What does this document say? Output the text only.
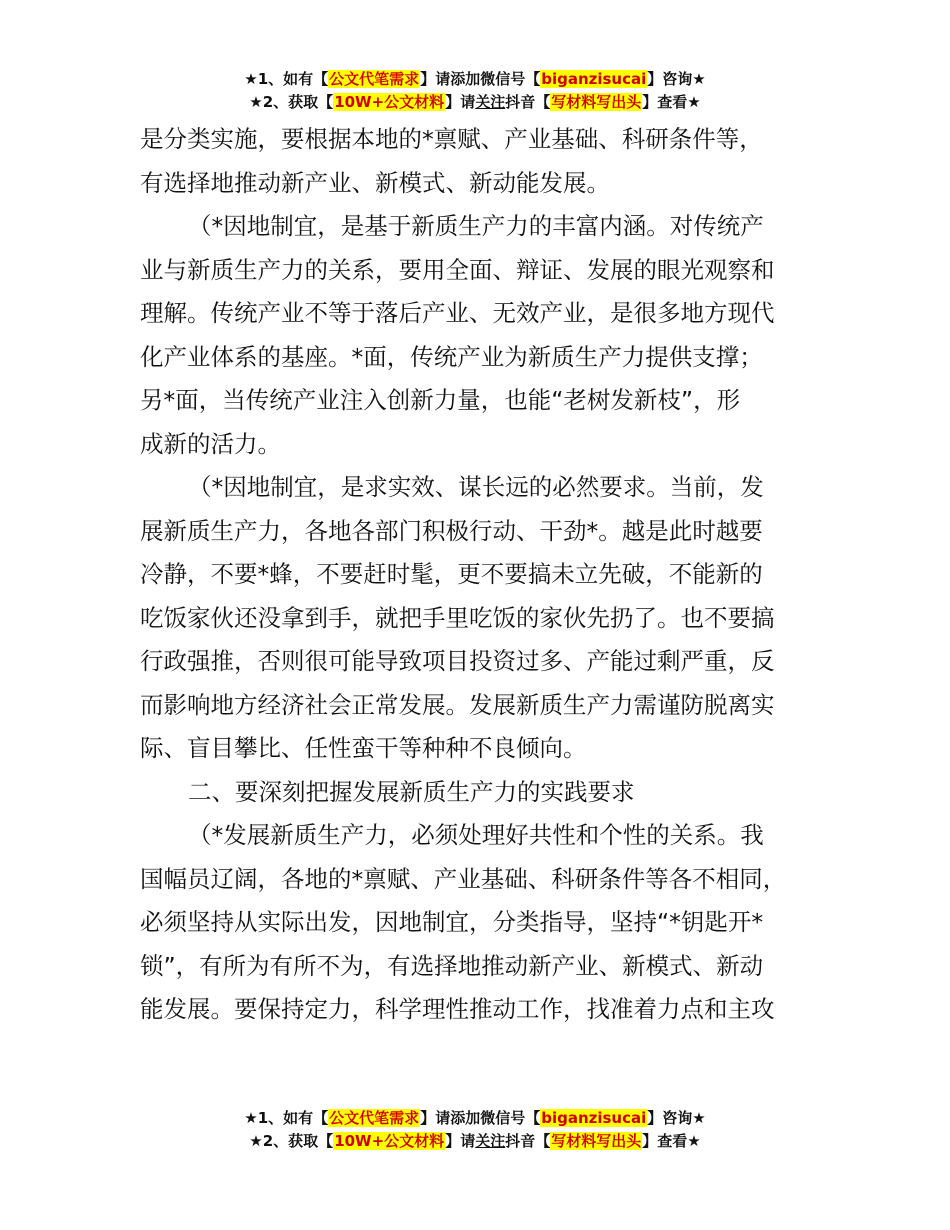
★1、如有【公文代笔需求】请添加微信号【biganzisucai】咨询★
★2、获取【10W+公文材料】请关注抖音【写材料写出头】查看★
是分类实施，要根据本地的*禀赋、产业基础、科研条件等，
有选择地推动新产业、新模式、新动能发展。
（*因地制宜，是基于新质生产力的丰富内涵。对传统产
业与新质生产力的关系，要用全面、辩证、发展的眼光观察和
理解。传统产业不等于落后产业、无效产业，是很多地方现代
化产业体系的基座。*面，传统产业为新质生产力提供支撑；
另*面，当传统产业注入创新力量，也能“老树发新枝”，形
成新的活力。
（*因地制宜，是求实效、谋长远的必然要求。当前，发
展新质生产力，各地各部门积极行动、干劲*。越是此时越要
冷静，不要*蜂，不要赶时髦，更不要搞未立先破，不能新的
吃饭家伙还没拿到手，就把手里吃饭的家伙先扔了。也不要搞
行政强推，否则很可能导致项目投资过多、产能过剩严重，反
而影响地方经济社会正常发展。发展新质生产力需谨防脱离实
际、盲目攀比、任性蛮干等种种不良倾向。
二、要深刻把握发展新质生产力的实践要求
（*发展新质生产力，必须处理好共性和个性的关系。我
国幅员辽阔，各地的*禀赋、产业基础、科研条件等各不相同，
必须坚持从实际出发，因地制宜，分类指导，坚持“*钥匙开*
锁”，有所为有所不为，有选择地推动新产业、新模式、新动
能发展。要保持定力，科学理性推动工作，找准着力点和主攻
★1、如有【公文代笔需求】请添加微信号【biganzisucai】咨询★
★2、获取【10W+公文材料】请关注抖音【写材料写出头】查看★
